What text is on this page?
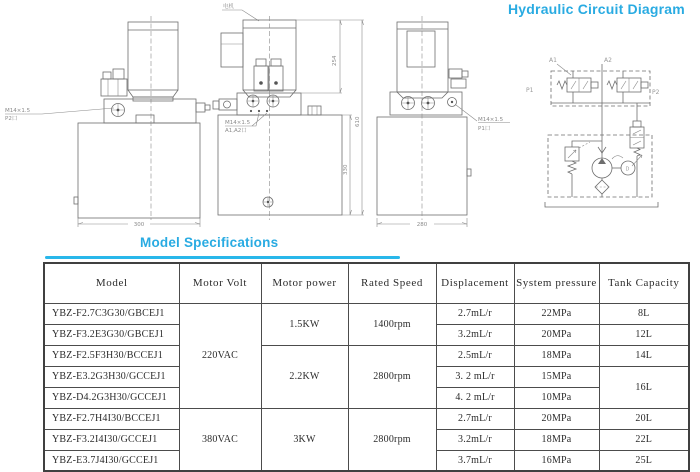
M14×1.5
P2口
300
电机
M14×1.5
A1,A2口
254
330
610	M14×1.5
P1口
280
A1	A2
P1	P2
D
Hydraulic Circuit Diagram
Model Specifications
Model	Motor Volt	Motor power	Rated Speed	Displacement	System pressure	Tank Capacity
YBZ-F2.7C3G30/GBCEJ1	220VAC	1.5KW	1400rpm	2.7mL/r	22MPa	8L
YBZ-F3.2E3G30/GBCEJ1				3.2mL/r	20MPa	12L
YBZ-F2.5F3H30/BCCEJ1		2.2KW	2800rpm	2.5mL/r	18MPa	14L
YBZ-E3.2G3H30/GCCEJ1				3. 2 mL/r	15MPa	16L
YBZ-D4.2G3H30/GCCEJ1				4. 2 mL/r	10MPa	
YBZ-F2.7H4I30/BCCEJ1	380VAC	3KW	2800rpm	2.7mL/r	20MPa	20L
YBZ-F3.2I4I30/GCCEJ1				3.2mL/r	18MPa	22L
YBZ-E3.7J4I30/GCCEJ1				3.7mL/r	16MPa	25L
